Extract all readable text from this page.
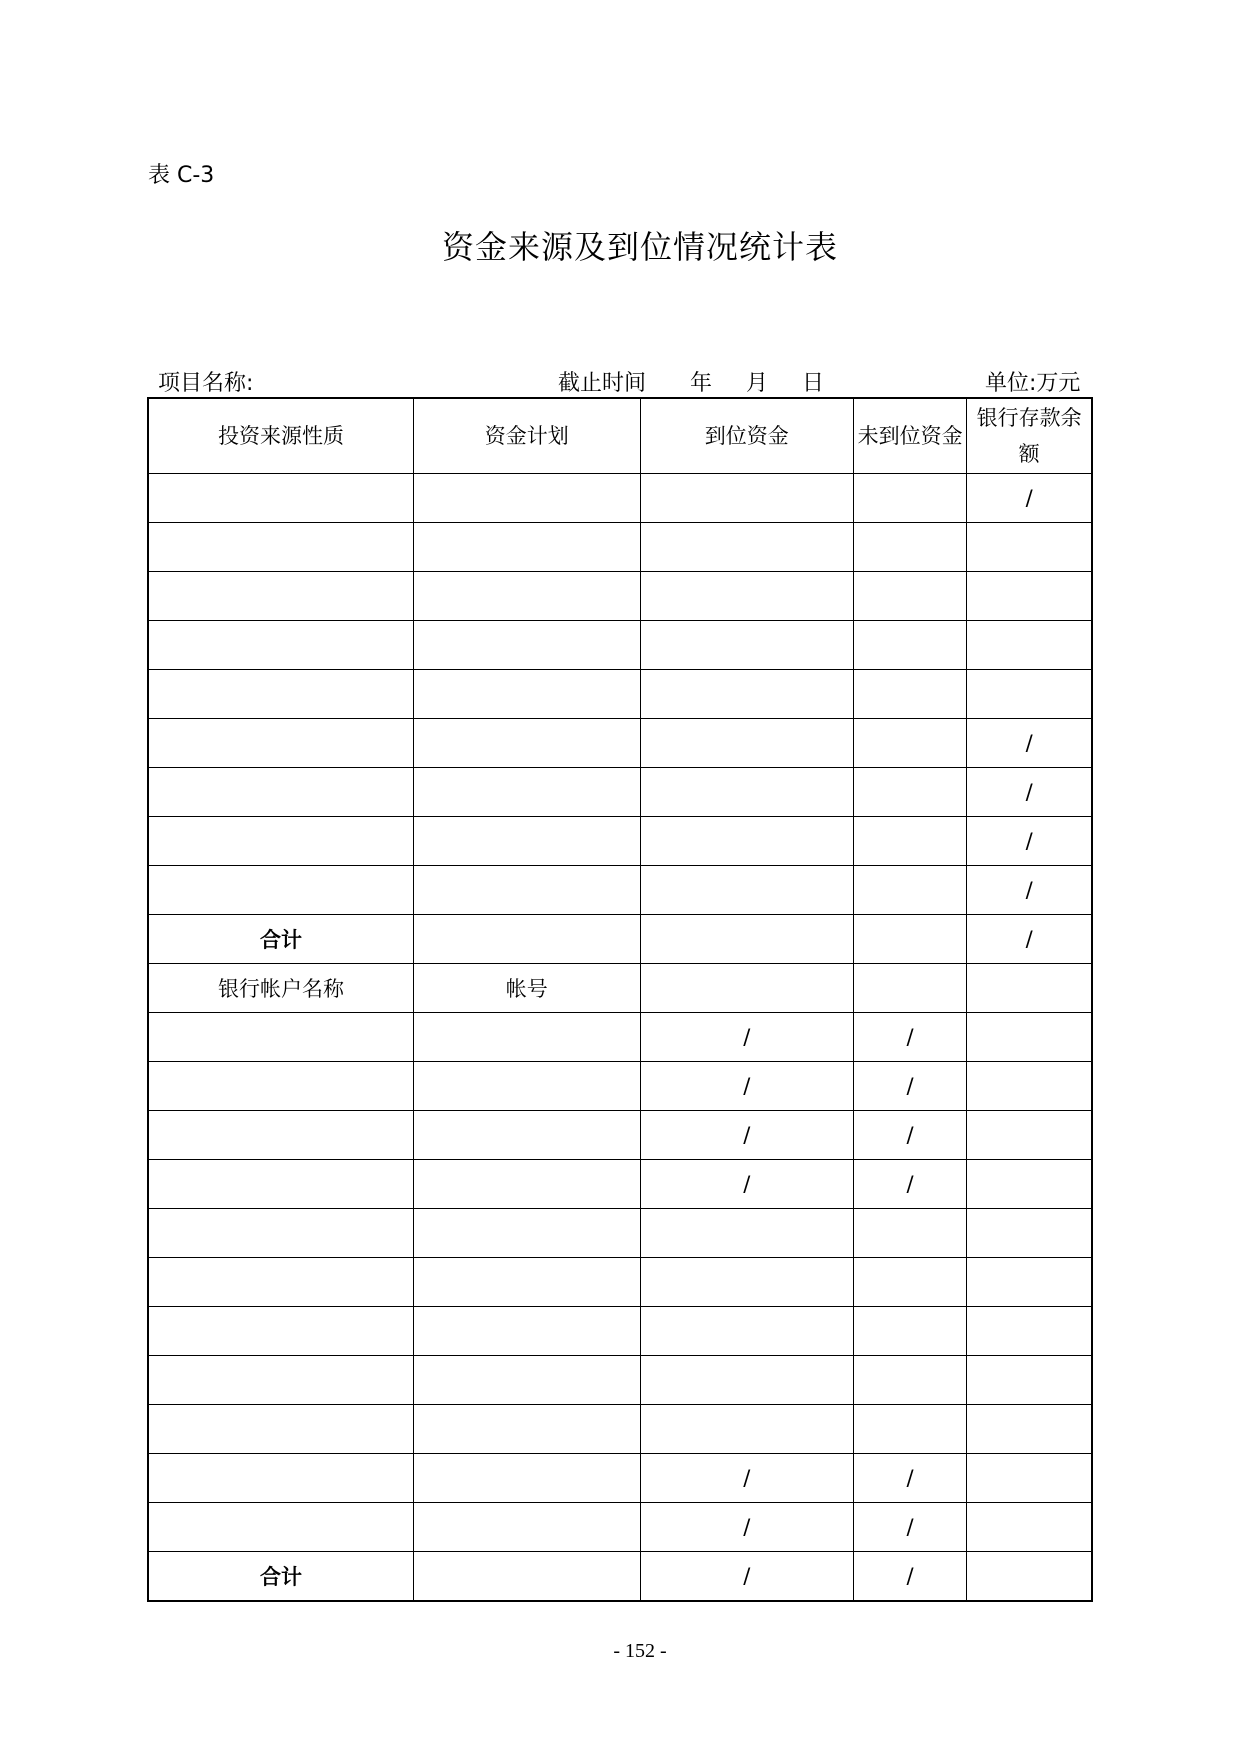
表 C-3
资金来源及到位情况统计表
项目名称:	截止时间 年 月 日	单位:万元
投资来源性质	资金计划	到位资金	未到位资金	银行存款余额
				/

				/
				/
				/
				/
合计				/
银行帐户名称	帐号			
		/	/	
		/	/	
		/	/	
		/	/	

		/	/	
		/	/	
合计		/	/	
- 152 -
